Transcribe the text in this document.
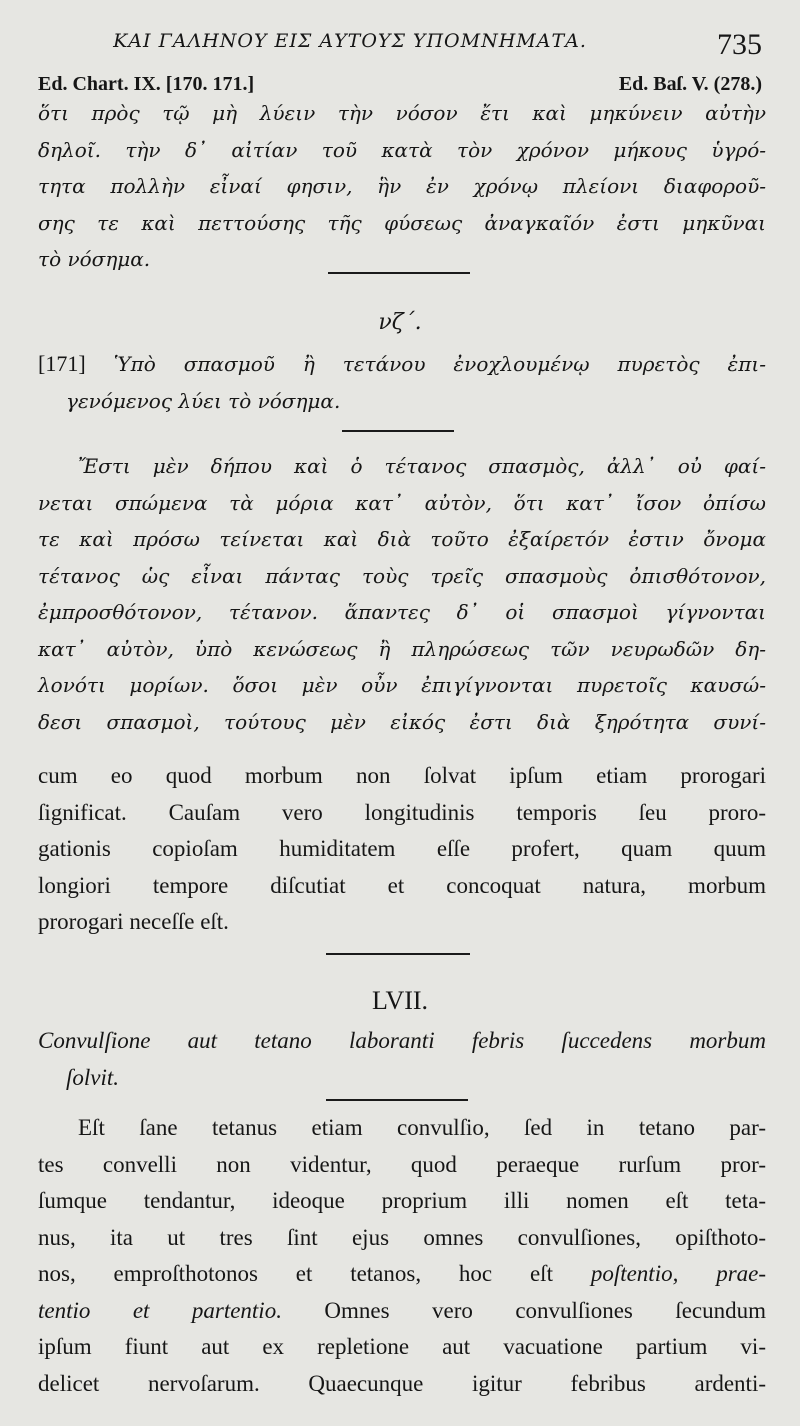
ΚΑΙ ΓΑΛΗΝΟΥ ΕΙΣ ΑΥΤΟΥΣ ΥΠΟΜΝΗΜΑΤΑ.	735
Ed. Chart. IX. [170. 171.]	Ed. Baſ. V. (278.)
ὅτι πρὸς τῷ μὴ λύειν τὴν νόσον ἔτι καὶ μηκύνειν αὐτὴν
δηλοῖ. τὴν δ᾽ αἰτίαν τοῦ κατὰ τὸν χρόνον μήκους ὑγρό-
τητα πολλὴν εἶναί φησιν, ἣν ἐν χρόνῳ πλείονι διαφοροῦ-
σης τε καὶ πεττούσης τῆς φύσεως ἀναγκαῖόν ἐστι μηκῦναι
τὸ νόσημα.
νζ΄.
[171] Ὑπὸ σπασμοῦ ἢ τετάνου ἐνοχλουμένῳ πυρετὸς ἐπι-
γενόμενος λύει τὸ νόσημα.
Ἔστι μὲν δήπου καὶ ὁ τέτανος σπασμὸς, ἀλλ᾽ οὐ φαί-
νεται σπώμενα τὰ μόρια κατ᾽ αὐτὸν, ὅτι κατ᾽ ἴσον ὀπίσω
τε καὶ πρόσω τείνεται καὶ διὰ τοῦτο ἐξαίρετόν ἐστιν ὄνομα
τέτανος ὡς εἶναι πάντας τοὺς τρεῖς σπασμοὺς ὀπισθότονον,
ἐμπροσθότονον, τέτανον. ἅπαντες δ᾽ οἱ σπασμοὶ γίγνονται
κατ᾽ αὐτὸν, ὑπὸ κενώσεως ἢ πληρώσεως τῶν νευρωδῶν δη-
λονότι μορίων. ὅσοι μὲν οὖν ἐπιγίγνονται πυρετοῖς καυσώ-
δεσι σπασμοὶ, τούτους μὲν εἰκός ἐστι διὰ ξηρότητα συνί-
cum eo quod morbum non ſolvat ipſum etiam prorogari
ſignificat. Cauſam vero longitudinis temporis ſeu proro-
gationis copioſam humiditatem eſſe profert, quam quum
longiori tempore diſcutiat et concoquat natura, morbum
prorogari neceſſe eſt.
LVII.
Convulſione aut tetano laboranti febris ſuccedens morbum
ſolvit.
Eſt ſane tetanus etiam convulſio, ſed in tetano par-
tes convelli non videntur, quod peraeque rurſum pror-
ſumque tendantur, ideoque proprium illi nomen eſt teta-
nus, ita ut tres ſint ejus omnes convulſiones, opiſthoto-
nos, emproſthotonos et tetanos, hoc eſt poſtentio, praе-
tentio et partentio. Omnes vero convulſiones ſecundum
ipſum fiunt aut ex repletione aut vacuatione partium vi-
delicet nervoſarum. Quaecunque igitur febribus ardenti-
